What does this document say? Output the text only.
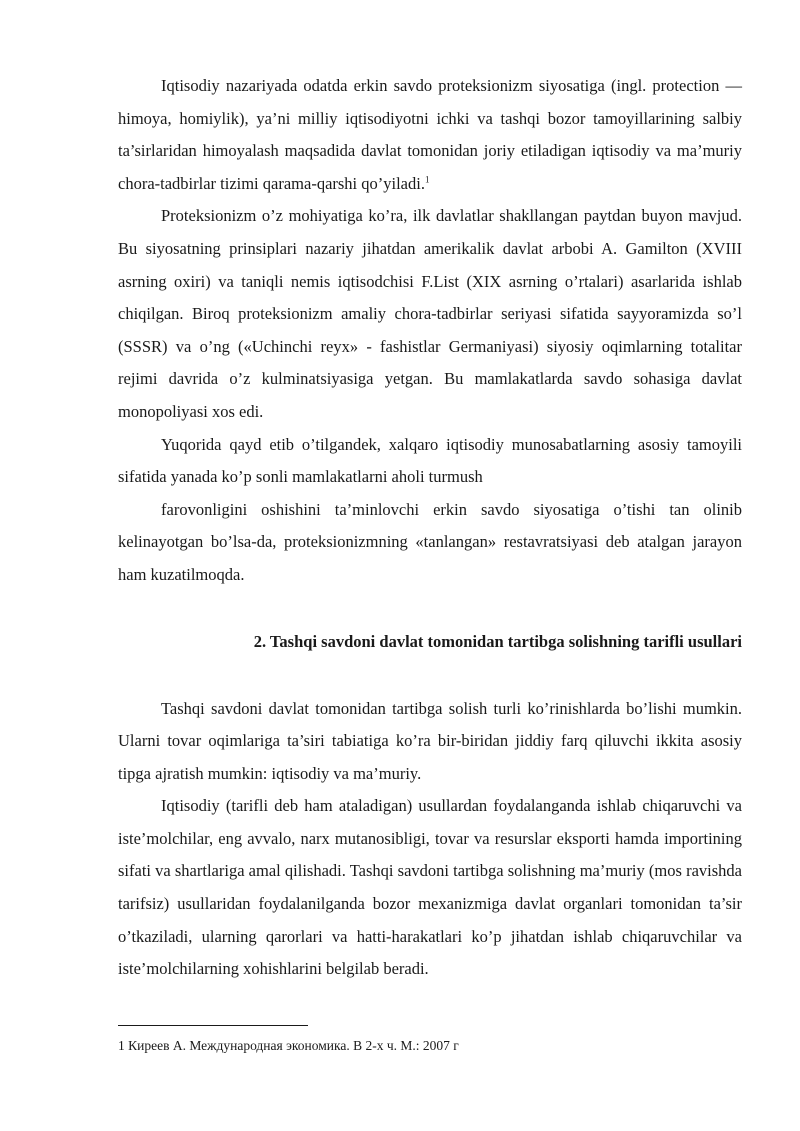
Iqtisodiy nazariyada odatda erkin savdo proteksionizm siyosatiga (ingl. protection — himoya, homiylik), ya’ni milliy iqtisodiyotni ichki va tashqi bozor tamoyillarining salbiy ta’sirlaridan himoyalash maqsadida davlat tomonidan joriy etiladigan iqtisodiy va ma’muriy chora-tadbirlar tizimi qarama-qarshi qo’yiladi.$^1$

Proteksionizm o’z mohiyatiga ko’ra, ilk davlatlar shakllangan paytdan buyon mavjud. Bu siyosatning prinsiplari nazariy jihatdan amerikalik davlat arbobi A. Gamilton (XVIII asrning oxiri) va taniqli nemis iqtisodchisi F.List (XIX asrning o’rtalari) asarlarida ishlab chiqilgan. Biroq proteksionizm amaliy chora-tadbirlar seriyasi sifatida sayyoramizda so’l (SSSR) va o’ng («Uchinchi reyx» - fashistlar Germaniyasi) siyosiy oqimlarning totalitar rejimi davrida o’z kulminatsiyasiga yetgan. Bu mamlakatlarda savdo sohasiga davlat monopoliyasi xos edi.

Yuqorida qayd etib o’tilgandek, xalqaro iqtisodiy munosabatlarning asosiy tamoyili sifatida yanada ko’p sonli mamlakatlarni aholi turmush

farovonligini oshishini ta’minlovchi erkin savdo siyosatiga o’tishi tan olinib kelinayotgan bo’lsa-da, proteksionizmning «tanlangan» restavratsiyasi deb atalgan jarayon ham kuzatilmoqda.

2. Tashqi savdoni davlat tomonidan tartibga solishning tarifli usullari

Tashqi savdoni davlat tomonidan tartibga solish turli ko’rinishlarda bo’lishi mumkin. Ularni tovar oqimlariga ta’siri tabiatiga ko’ra bir-biridan jiddiy farq qiluvchi ikkita asosiy tipga ajratish mumkin: iqtisodiy va ma’muriy.

Iqtisodiy (tarifli deb ham ataladigan) usullardan foydalanganda ishlab chiqaruvchi va iste’molchilar, eng avvalo, narx mutanosibligi, tovar va resurslar eksporti hamda importining sifati va shartlariga amal qilishadi. Tashqi savdoni tartibga solishning ma’muriy (mos ravishda tarifsiz) usullaridan foydalanilganda bozor mexanizmiga davlat organlari tomonidan ta’sir o’tkaziladi, ularning qarorlari va hatti-harakatlari ko’p jihatdan ishlab chiqaruvchilar va iste’molchilarning xohishlarini belgilab beradi.

1 Киреев А. Международная экономика. В 2-х ч. М.: 2007 г
